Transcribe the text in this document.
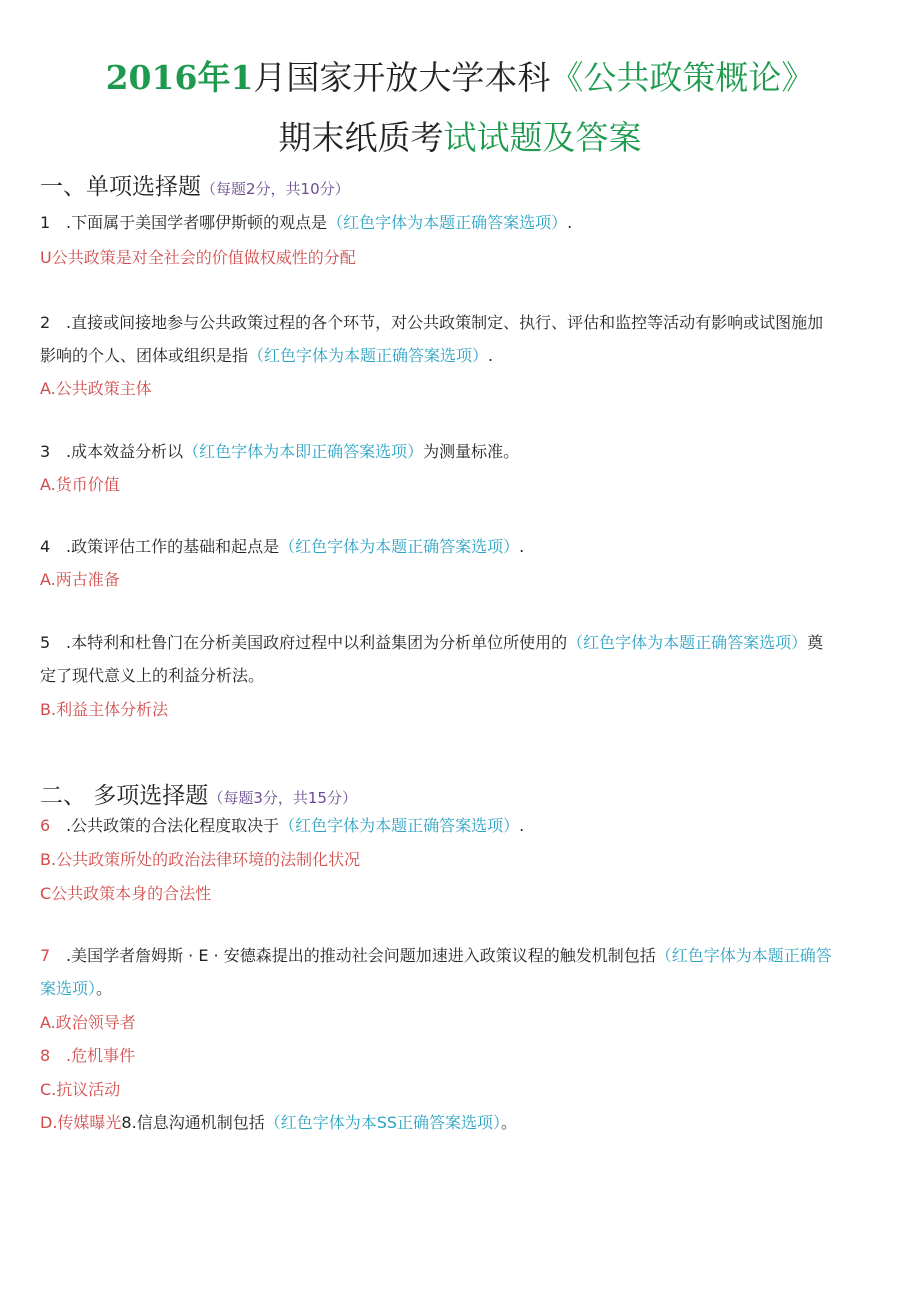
2016年1月国家开放大学本科《公共政策概论》
期末纸质考试试题及答案
一、单项选择题（每题2分，共10分）
1 .下面属于美国学者哪伊斯顿的观点是（红色字体为本题正确答案选项）.
U公共政策是对全社会的价值做权威性的分配
2 .直接或间接地参与公共政策过程的各个环节，对公共政策制定、执行、评估和监控等活动有影响或试图施加
影响的个人、团体或组织是指（红色字体为本题正确答案选项）.
A.公共政策主体
3 .成本效益分析以（红色字体为本即正确答案选项）为测量标准。
A.货币价值
4 .政策评估工作的基础和起点是（红色字体为本题正确答案选项）.
A.两古准备
5 .本特利和杜鲁门在分析美国政府过程中以利益集团为分析单位所使用的（红色字体为本题正确答案选项）奠
定了现代意义上的利益分析法。
B.利益主体分析法
二、 多项选择题（每题3分，共15分）
6 .公共政策的合法化程度取决于（红色字体为本题正确答案选项）.
B.公共政策所处的政治法律环境的法制化状况
C公共政策本身的合法性
7 .美国学者詹姆斯 · E · 安德森提出的推动社会问题加速进入政策议程的触发机制包括（红色字体为本题正确答
案选项）。
A.政治领导者
8 .危机事件
C.抗议活动
D.传媒曝光8.信息沟通机制包括（红色字体为本SS正确答案选项）。
